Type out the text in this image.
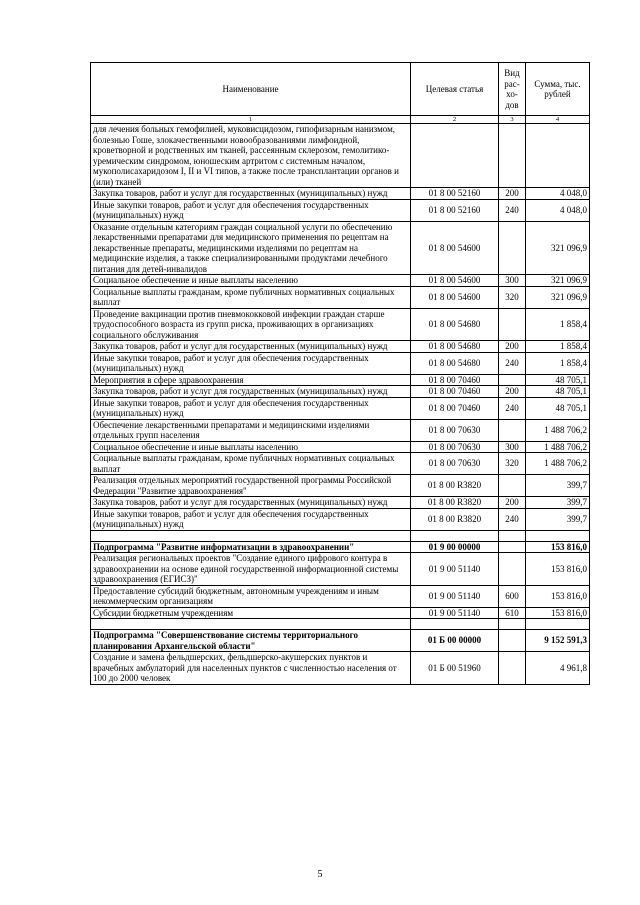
Наименование	Целевая статья	Вид рас-хо-дов	Сумма, тыс. рублей
1	2	3	4
для лечения больных гемофилией, муковисцидозом, гипофизарным нанизмом, болезнью Гоше, злокачественными новообразованиями лимфоидной, кроветворной и родственных им тканей, рассеянным склерозом, гемолитико-уремическим синдромом, юношеским артритом с системным началом, мукополисахаридозом I, II и VI типов, а также после трансплантации органов и (или) тканей			
Закупка товаров, работ и услуг для государственных (муниципальных) нужд	01 8 00 52160	200	4 048,0
Иные закупки товаров, работ и услуг для обеспечения государственных (муниципальных) нужд	01 8 00 52160	240	4 048,0
Оказание отдельным категориям граждан социальной услуги по обеспечению лекарственными препаратами для медицинского применения по рецептам на лекарственные препараты, медицинскими изделиями по рецептам на медицинские изделия, а также специализированными продуктами лечебного питания для детей-инвалидов	01 8 00 54600		321 096,9
Социальное обеспечение и иные выплаты населению	01 8 00 54600	300	321 096,9
Социальные выплаты гражданам, кроме публичных нормативных социальных выплат	01 8 00 54600	320	321 096,9
Проведение вакцинации против пневмококковой инфекции граждан старше трудоспособного возраста из групп риска, проживающих в организациях социального обслуживания	01 8 00 54680		1 858,4
Закупка товаров, работ и услуг для государственных (муниципальных) нужд	01 8 00 54680	200	1 858,4
Иные закупки товаров, работ и услуг для обеспечения государственных (муниципальных) нужд	01 8 00 54680	240	1 858,4
Мероприятия в сфере здравоохранения	01 8 00 70460		48 705,1
Закупка товаров, работ и услуг для государственных (муниципальных) нужд	01 8 00 70460	200	48 705,1
Иные закупки товаров, работ и услуг для обеспечения государственных (муниципальных) нужд	01 8 00 70460	240	48 705,1
Обеспечение лекарственными препаратами и медицинскими изделиями отдельных групп населения	01 8 00 70630		1 488 706,2
Социальное обеспечение и иные выплаты населению	01 8 00 70630	300	1 488 706,2
Социальные выплаты гражданам, кроме публичных нормативных социальных выплат	01 8 00 70630	320	1 488 706,2
Реализация отдельных мероприятий государственной программы Российской Федерации "Развитие здравоохранения"	01 8 00 R3820		399,7
Закупка товаров, работ и услуг для государственных (муниципальных) нужд	01 8 00 R3820	200	399,7
Иные закупки товаров, работ и услуг для обеспечения государственных (муниципальных) нужд	01 8 00 R3820	240	399,7

Подпрограмма "Развитие информатизации в здравоохранении"	01 9 00 00000		153 816,0
Реализация региональных проектов "Создание единого цифрового контура в здравоохранении на основе единой государственной информационной системы здравоохранения (ЕГИСЗ)"	01 9 00 51140		153 816,0
Предоставление субсидий бюджетным, автономным учреждениям и иным некоммерческим организациям	01 9 00 51140	600	153 816,0
Субсидии бюджетным учреждениям	01 9 00 51140	610	153 816,0

Подпрограмма "Совершенствование системы территориального планирования Архангельской области"	01 Б 00 00000		9 152 591,3
Создание и замена фельдшерских, фельдшерско-акушерских пунктов и врачебных амбулаторий для населенных пунктов с численностью населения от 100 до 2000 человек	01 Б 00 51960		4 961,8
5
